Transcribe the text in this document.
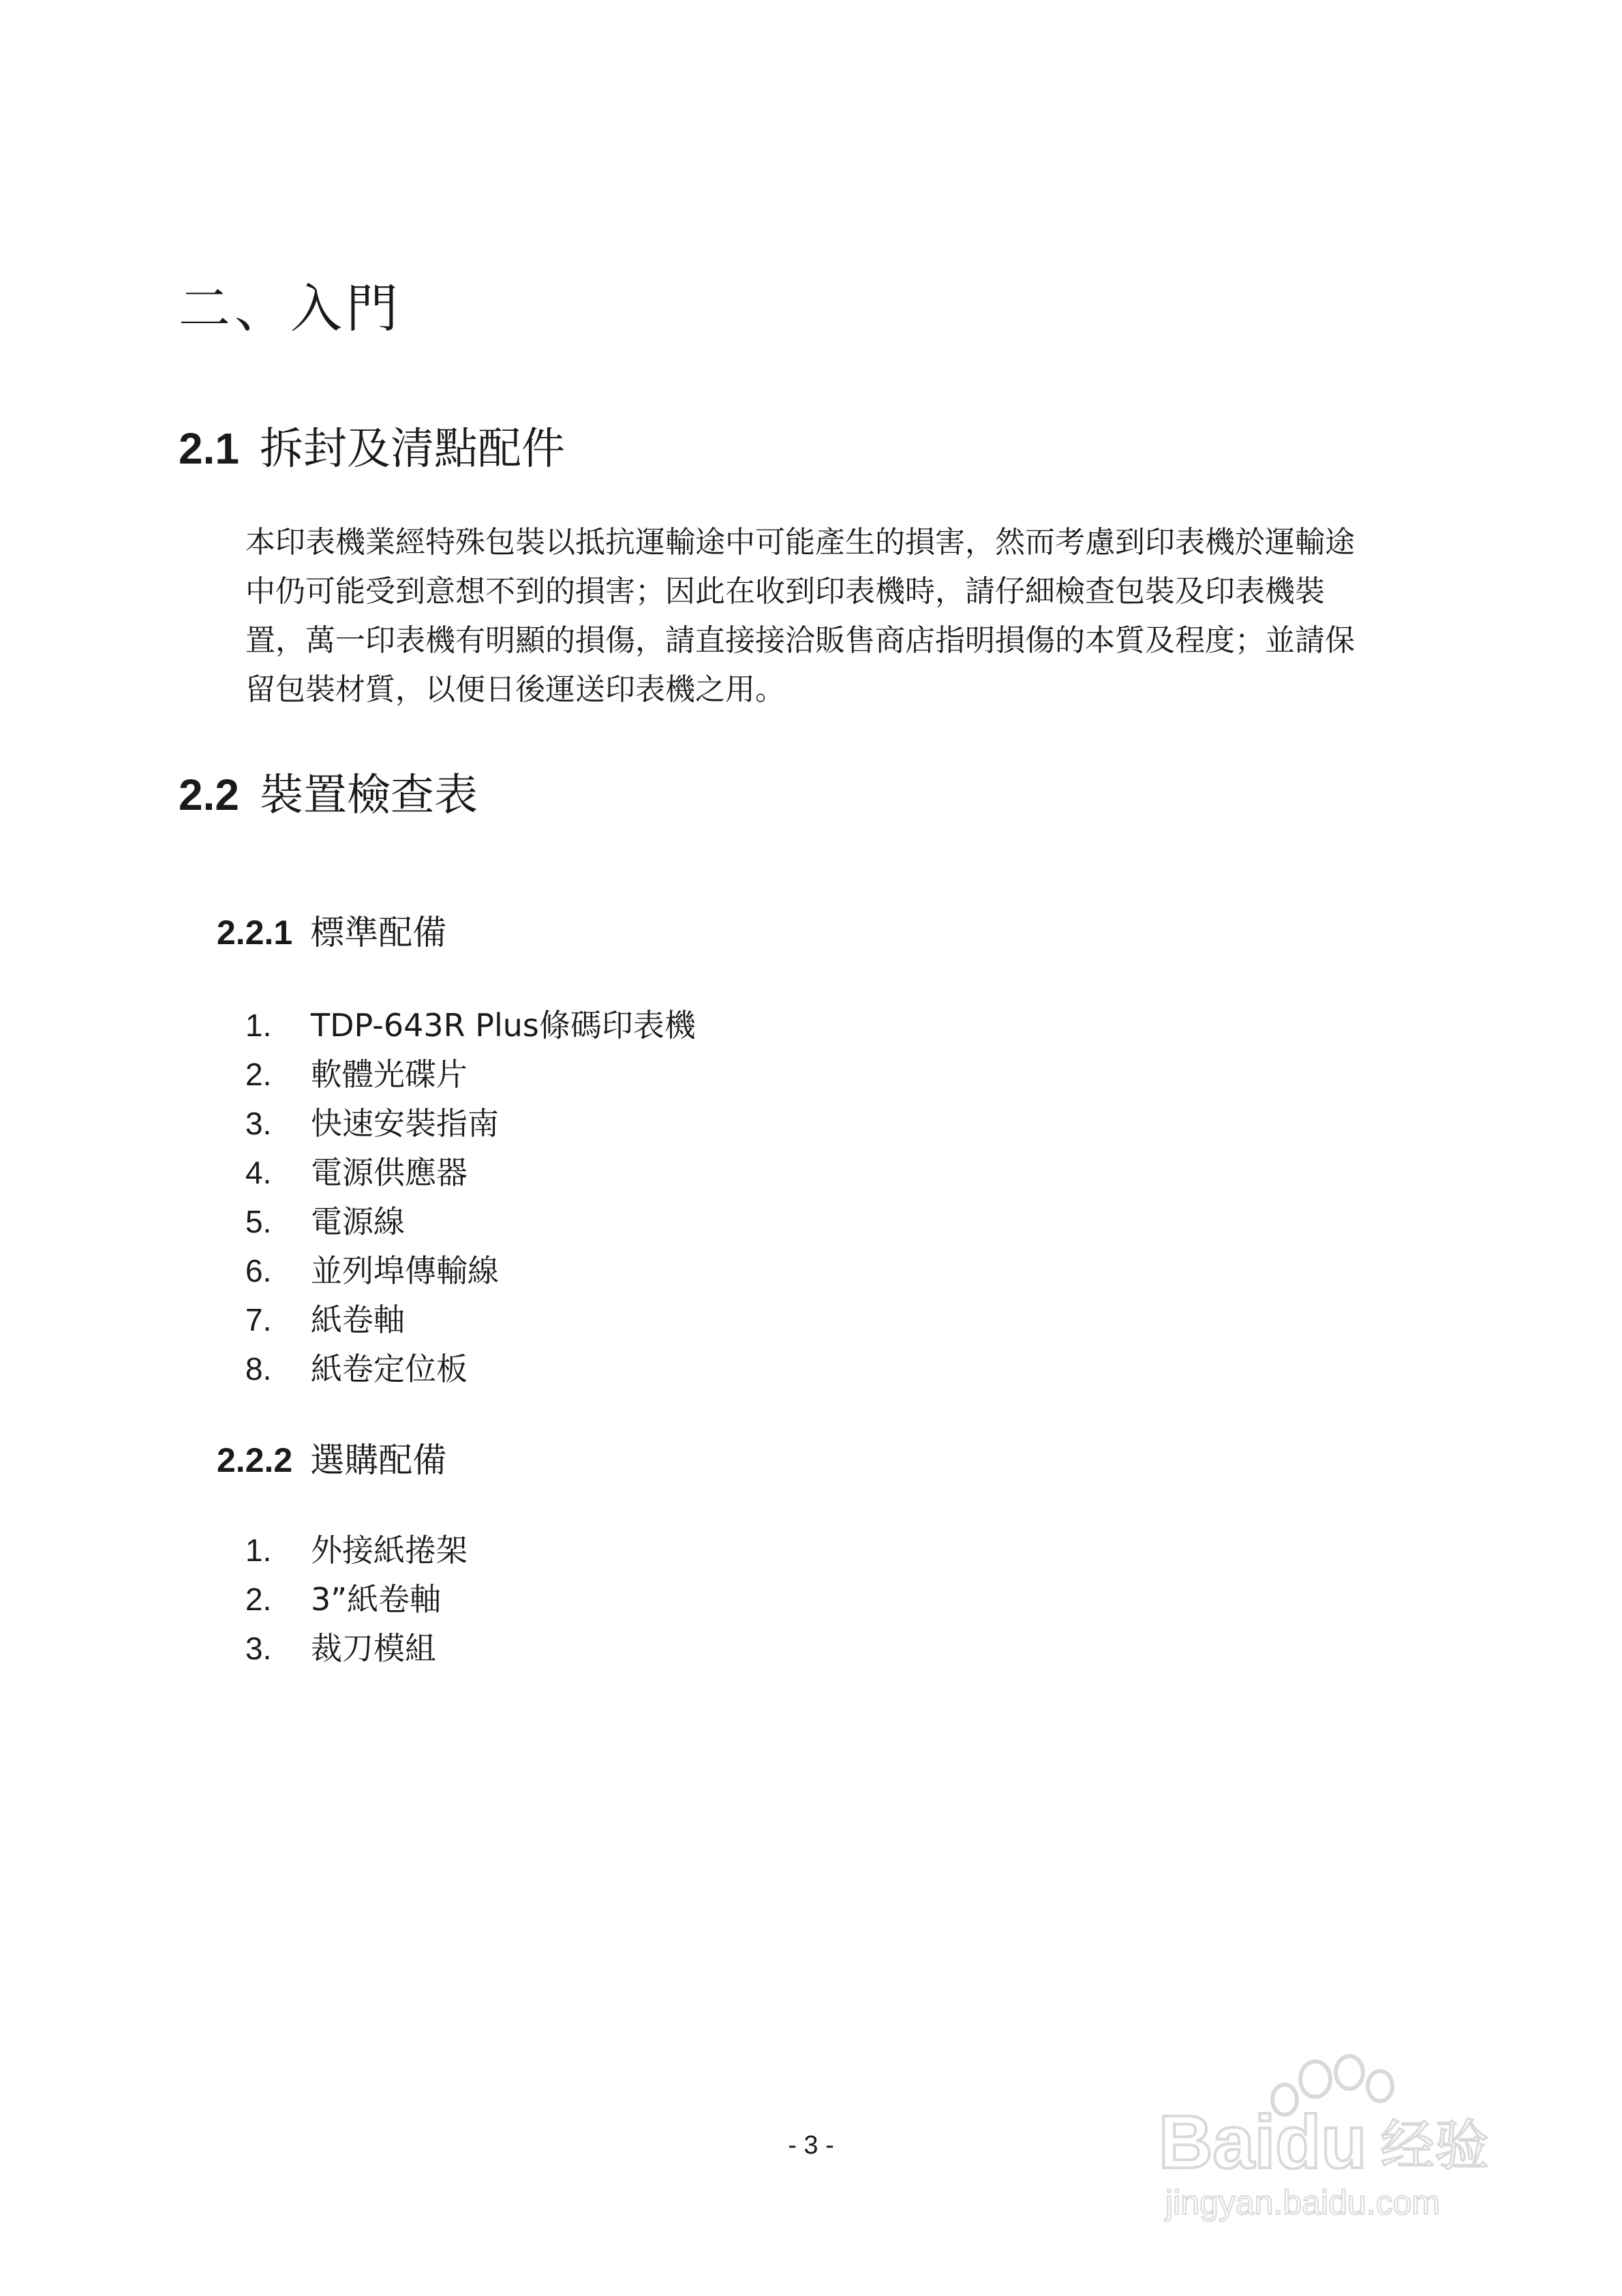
二、入門
2.1 拆封及清點配件
本印表機業經特殊包裝以抵抗運輸途中可能產生的損害，然而考慮到印表機於運輸途
中仍可能受到意想不到的損害；因此在收到印表機時，請仔細檢查包裝及印表機裝
置，萬一印表機有明顯的損傷，請直接接洽販售商店指明損傷的本質及程度；並請保
留包裝材質，以便日後運送印表機之用。
2.2 裝置檢查表
2.2.1 標準配備
1. TDP-643R Plus條碼印表機
2. 軟體光碟片
3. 快速安裝指南
4. 電源供應器
5. 電源線
6. 並列埠傳輸線
7. 紙卷軸
8. 紙卷定位板
2.2.2 選購配備
1. 外接紙捲架
2. 3”紙卷軸
3. 裁刀模組
- 3 -	Baidu 经验
jingyan.baidu.com
